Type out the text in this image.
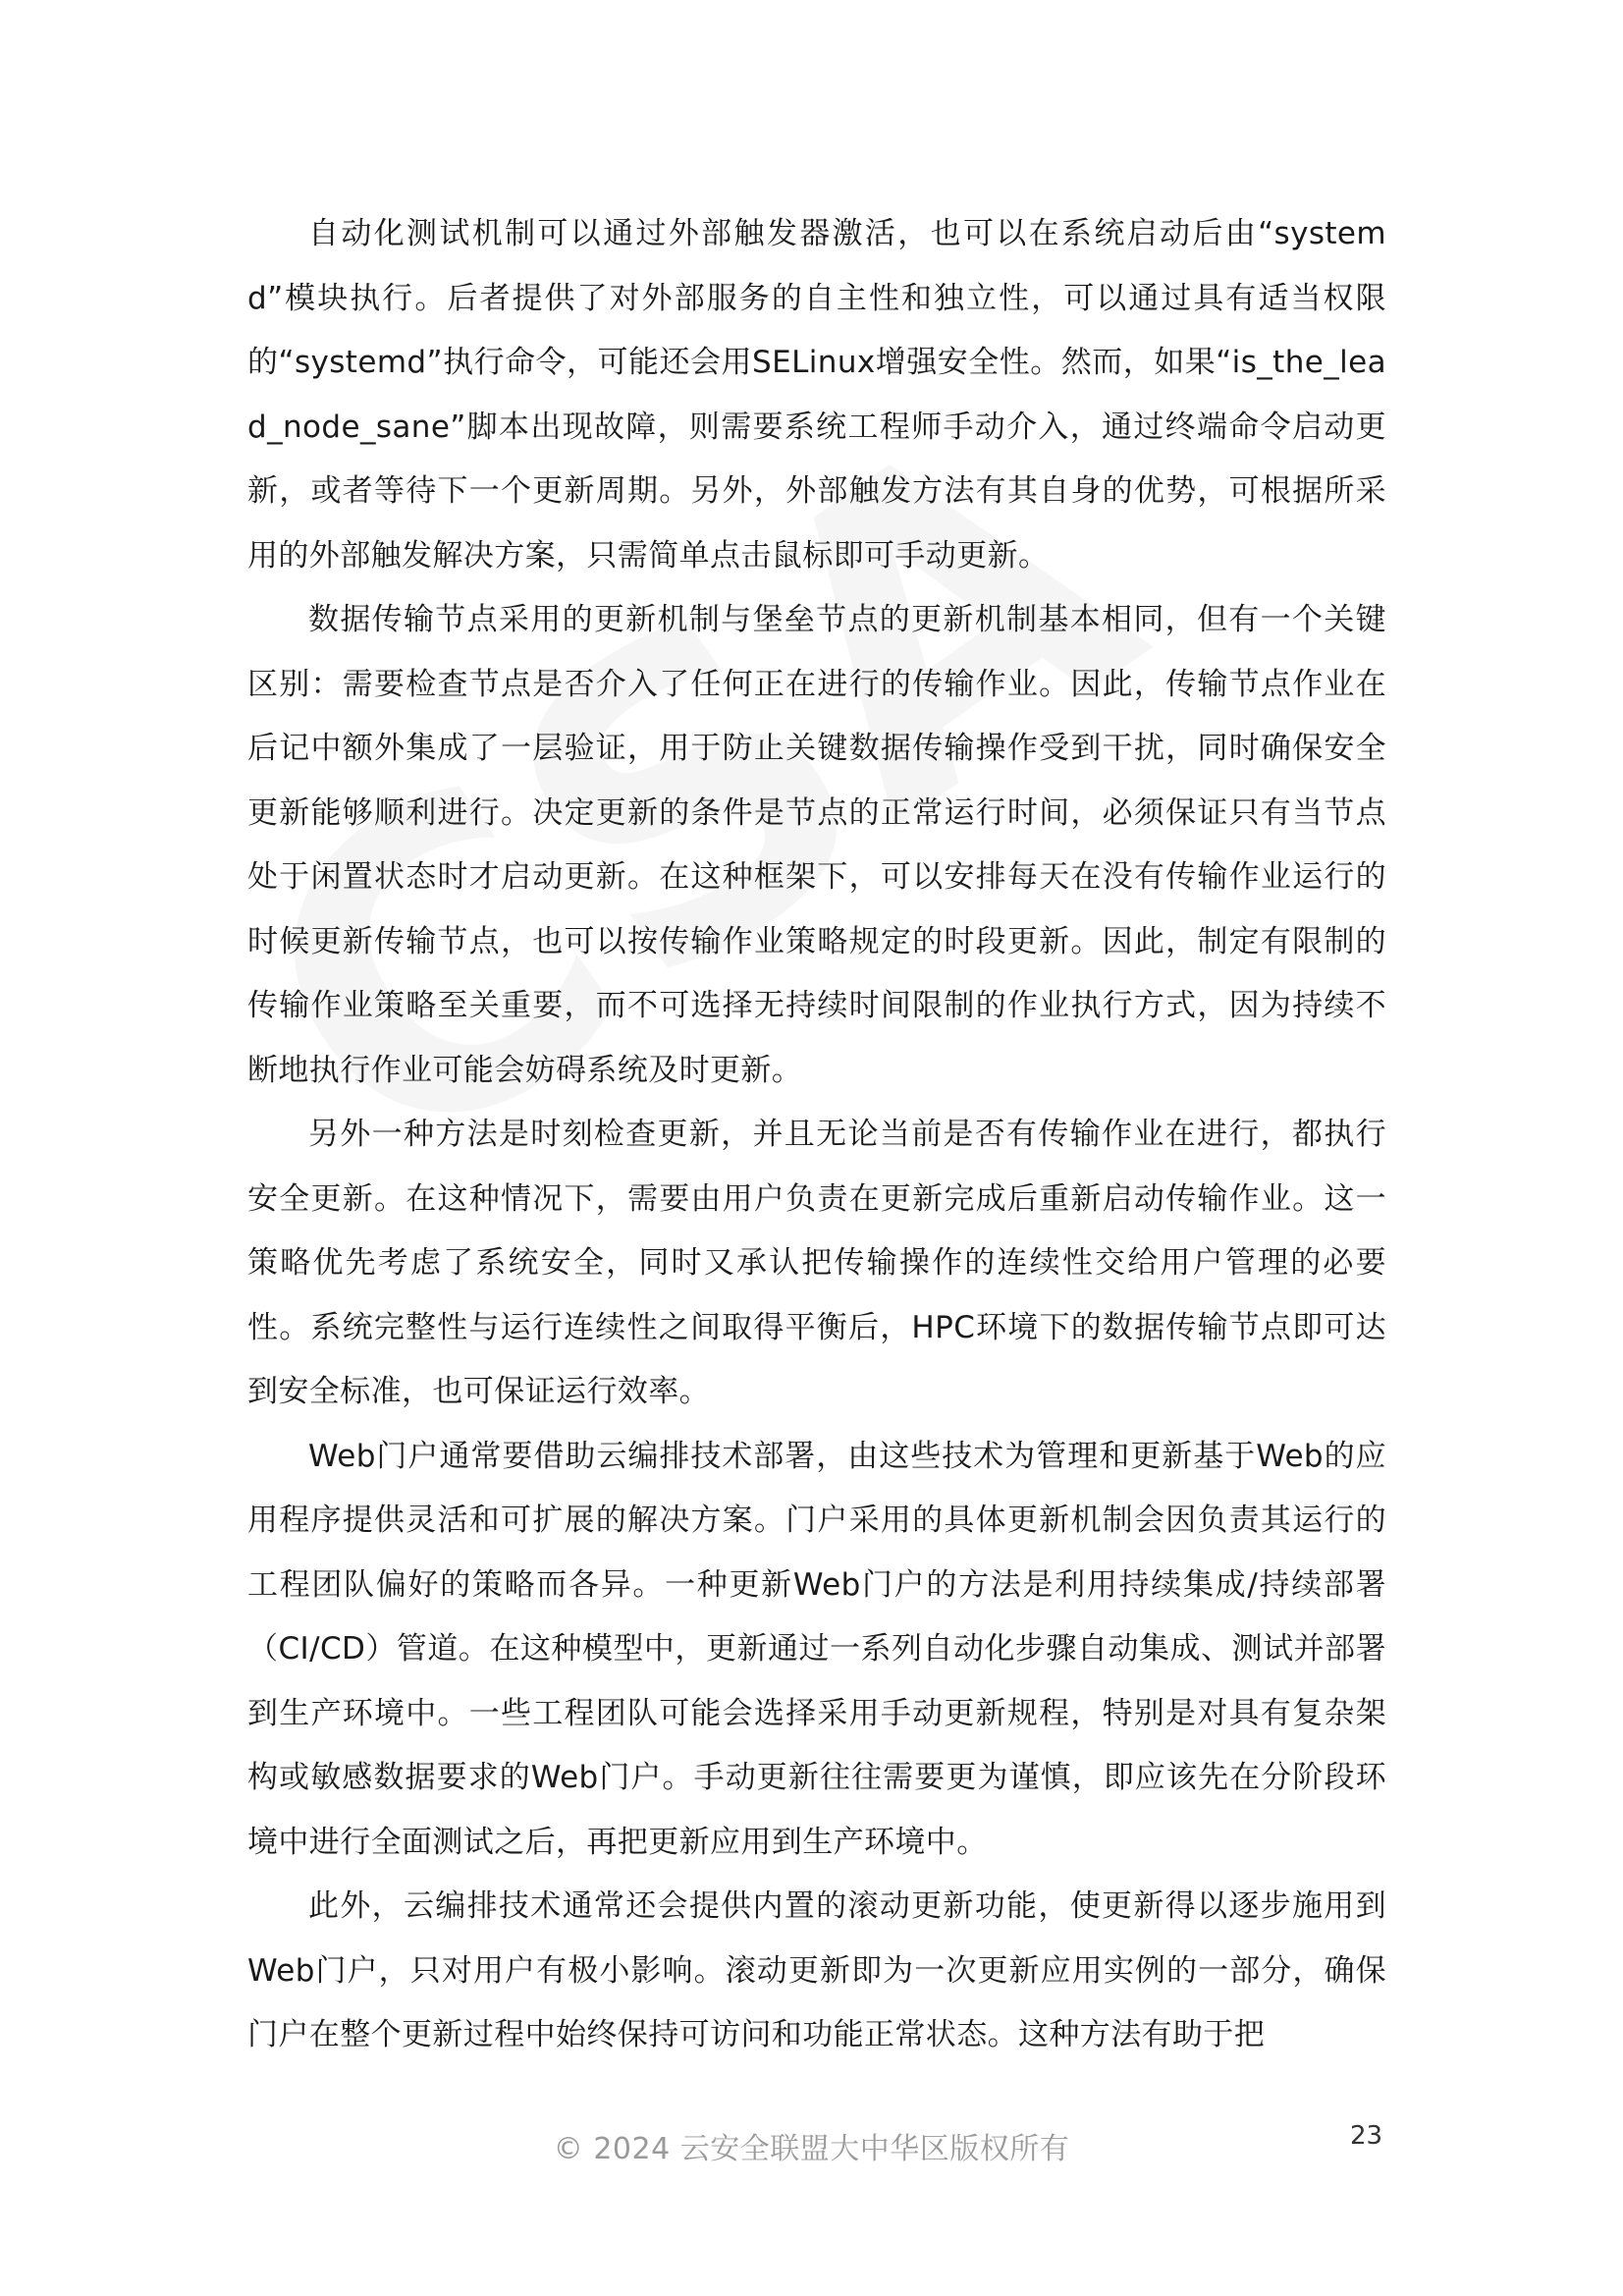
自动化测试机制可以通过外部触发器激活，也可以在系统启动后由“systemd”模块执行。后者提供了对外部服务的自主性和独立性，可以通过具有适当权限的“systemd”执行命令，可能还会用SELinux增强安全性。然而，如果“is_the_lead_node_sane”脚本出现故障，则需要系统工程师手动介入，通过终端命令启动更新，或者等待下一个更新周期。另外，外部触发方法有其自身的优势，可根据所采用的外部触发解决方案，只需简单点击鼠标即可手动更新。

数据传输节点采用的更新机制与堡垒节点的更新机制基本相同，但有一个关键区别：需要检查节点是否介入了任何正在进行的传输作业。因此，传输节点作业在后记中额外集成了一层验证，用于防止关键数据传输操作受到干扰，同时确保安全更新能够顺利进行。决定更新的条件是节点的正常运行时间，必须保证只有当节点处于闲置状态时才启动更新。在这种框架下，可以安排每天在没有传输作业运行的时候更新传输节点，也可以按传输作业策略规定的时段更新。因此，制定有限制的传输作业策略至关重要，而不可选择无持续时间限制的作业执行方式，因为持续不断地执行作业可能会妨碍系统及时更新。

另外一种方法是时刻检查更新，并且无论当前是否有传输作业在进行，都执行安全更新。在这种情况下，需要由用户负责在更新完成后重新启动传输作业。这一策略优先考虑了系统安全，同时又承认把传输操作的连续性交给用户管理的必要性。系统完整性与运行连续性之间取得平衡后，HPC环境下的数据传输节点即可达到安全标准，也可保证运行效率。

Web门户通常要借助云编排技术部署，由这些技术为管理和更新基于Web的应用程序提供灵活和可扩展的解决方案。门户采用的具体更新机制会因负责其运行的工程团队偏好的策略而各异。一种更新Web门户的方法是利用持续集成/持续部署（CI/CD）管道。在这种模型中，更新通过一系列自动化步骤自动集成、测试并部署到生产环境中。一些工程团队可能会选择采用手动更新规程，特别是对具有复杂架构或敏感数据要求的Web门户。手动更新往往需要更为谨慎，即应该先在分阶段环境中进行全面测试之后，再把更新应用到生产环境中。

此外，云编排技术通常还会提供内置的滚动更新功能，使更新得以逐步施用到Web门户，只对用户有极小影响。滚动更新即为一次更新应用实例的一部分，确保门户在整个更新过程中始终保持可访问和功能正常状态。这种方法有助于把

© 2024 云安全联盟大中华区版权所有	23
